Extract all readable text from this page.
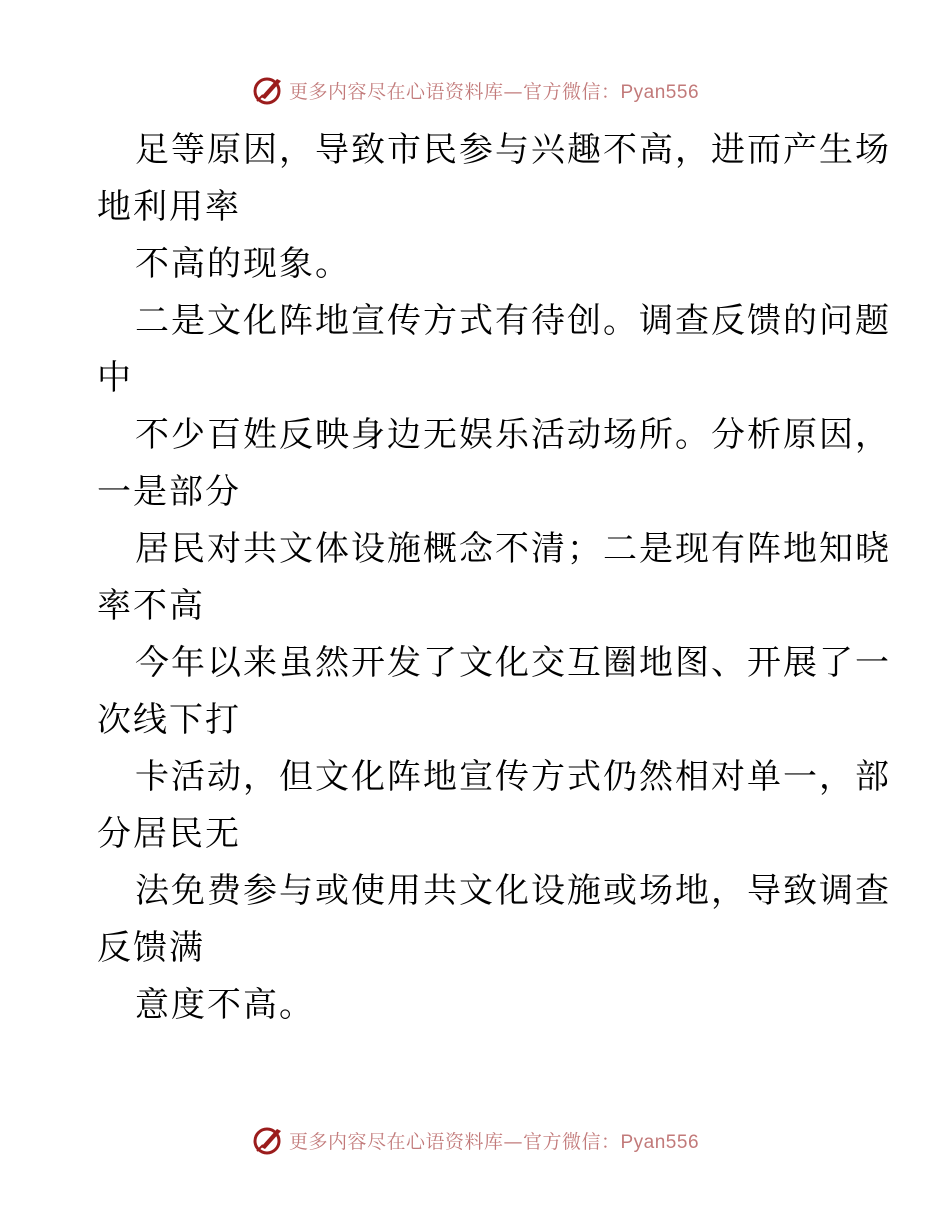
更多内容尽在心语资料库—官方微信：Pyan556

足等原因，导致市民参与兴趣不高，进而产生场

地利用率

不高的现象。

二是文化阵地宣传方式有待创。调查反馈的问题

中

不少百姓反映身边无娱乐活动场所。分析原因，

一是部分

居民对共文体设施概念不清；二是现有阵地知晓

率不高

今年以来虽然开发了文化交互圈地图、开展了一

次线下打

卡活动，但文化阵地宣传方式仍然相对单一，部

分居民无

法免费参与或使用共文化设施或场地，导致调查

反馈满

意度不高。

更多内容尽在心语资料库—官方微信：Pyan556
